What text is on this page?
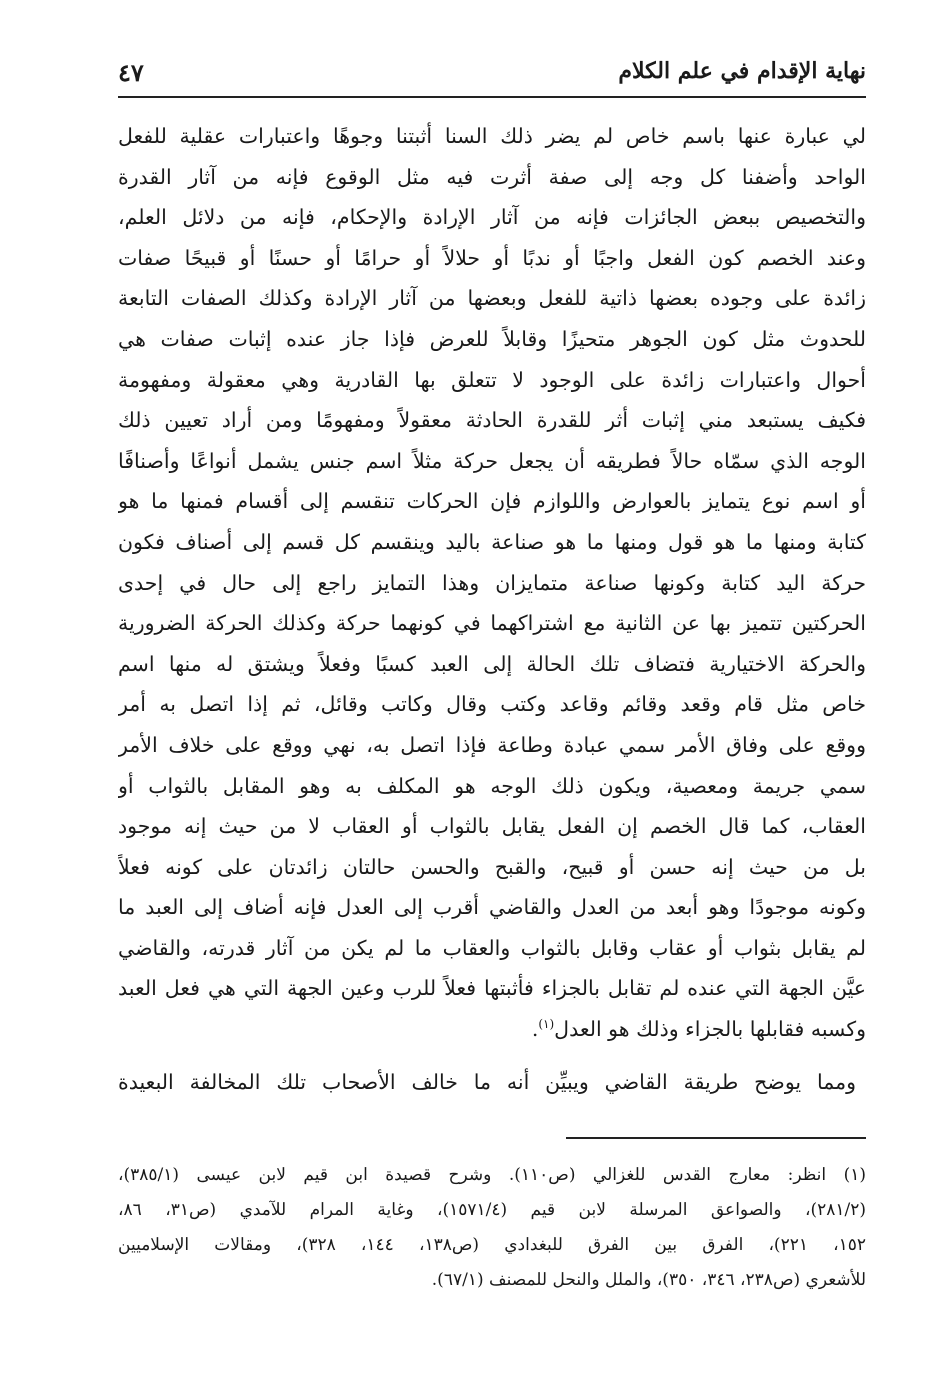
نهاية الإقدام في علم الكلام
٤٧
لي عبارة عنها باسم خاص لم يضر ذلك السنا أثبتنا وجوهًا واعتبارات عقلية للفعل
الواحد وأضفنا كل وجه إلى صفة أثرت فيه مثل الوقوع فإنه من آثار القدرة
والتخصيص ببعض الجائزات فإنه من آثار الإرادة والإحكام، فإنه من دلائل العلم،
وعند الخصم كون الفعل واجبًا أو ندبًا أو حلالاً أو حرامًا أو حسنًا أو قبيحًا صفات
زائدة على وجوده بعضها ذاتية للفعل وبعضها من آثار الإرادة وكذلك الصفات التابعة
للحدوث مثل كون الجوهر متحيزًا وقابلاً للعرض فإذا جاز عنده إثبات صفات هي
أحوال واعتبارات زائدة على الوجود لا تتعلق بها القادرية وهي معقولة ومفهومة
فكيف يستبعد مني إثبات أثر للقدرة الحادثة معقولاً ومفهومًا ومن أراد تعيين ذلك
الوجه الذي سمّاه حالاً فطريقه أن يجعل حركة مثلاً اسم جنس يشمل أنواعًا وأصنافًا
أو اسم نوع يتمايز بالعوارض واللوازم فإن الحركات تنقسم إلى أقسام فمنها ما هو
كتابة ومنها ما هو قول ومنها ما هو صناعة باليد وينقسم كل قسم إلى أصناف فكون
حركة اليد كتابة وكونها صناعة متمايزان وهذا التمايز راجع إلى حال في إحدى
الحركتين تتميز بها عن الثانية مع اشتراكهما في كونهما حركة وكذلك الحركة الضرورية
والحركة الاختيارية فتضاف تلك الحالة إلى العبد كسبًا وفعلاً ويشتق له منها اسم
خاص مثل قام وقعد وقائم وقاعد وكتب وقال وكاتب وقائل، ثم إذا اتصل به أمر
ووقع على وفاق الأمر سمي عبادة وطاعة فإذا اتصل به، نهي ووقع على خلاف الأمر
سمي جريمة ومعصية، ويكون ذلك الوجه هو المكلف به وهو المقابل بالثواب أو
العقاب، كما قال الخصم إن الفعل يقابل بالثواب أو العقاب لا من حيث إنه موجود
بل من حيث إنه حسن أو قبيح، والقبح والحسن حالتان زائدتان على كونه فعلاً
وكونه موجودًا وهو أبعد من العدل والقاضي أقرب إلى العدل فإنه أضاف إلى العبد ما
لم يقابل بثواب أو عقاب وقابل بالثواب والعقاب ما لم يكن من آثار قدرته، والقاضي
عيَّن الجهة التي عنده لم تقابل بالجزاء فأثبتها فعلاً للرب وعين الجهة التي هي فعل العبد
وكسبه فقابلها بالجزاء وذلك هو العدل$^{(١)}$.
ومما يوضح طريقة القاضي ويبيِّن أنه ما خالف الأصحاب تلك المخالفة البعيدة
(١) انظر: معارج القدس للغزالي (ص١١٠). وشرح قصيدة ابن قيم لابن عيسى (٣٨٥/١)،
(٢٨١/٢)، والصواعق المرسلة لابن قيم (١٥٧١/٤)، وغاية المرام للآمدي (ص٣١، ٨٦،
١٥٢، ٢٢١)، الفرق بين الفرق للبغدادي (ص١٣٨، ١٤٤، ٣٢٨)، ومقالات الإسلاميين
للأشعري (ص٢٣٨، ٣٤٦، ٣٥٠)، والملل والنحل للمصنف (٦٧/١).
